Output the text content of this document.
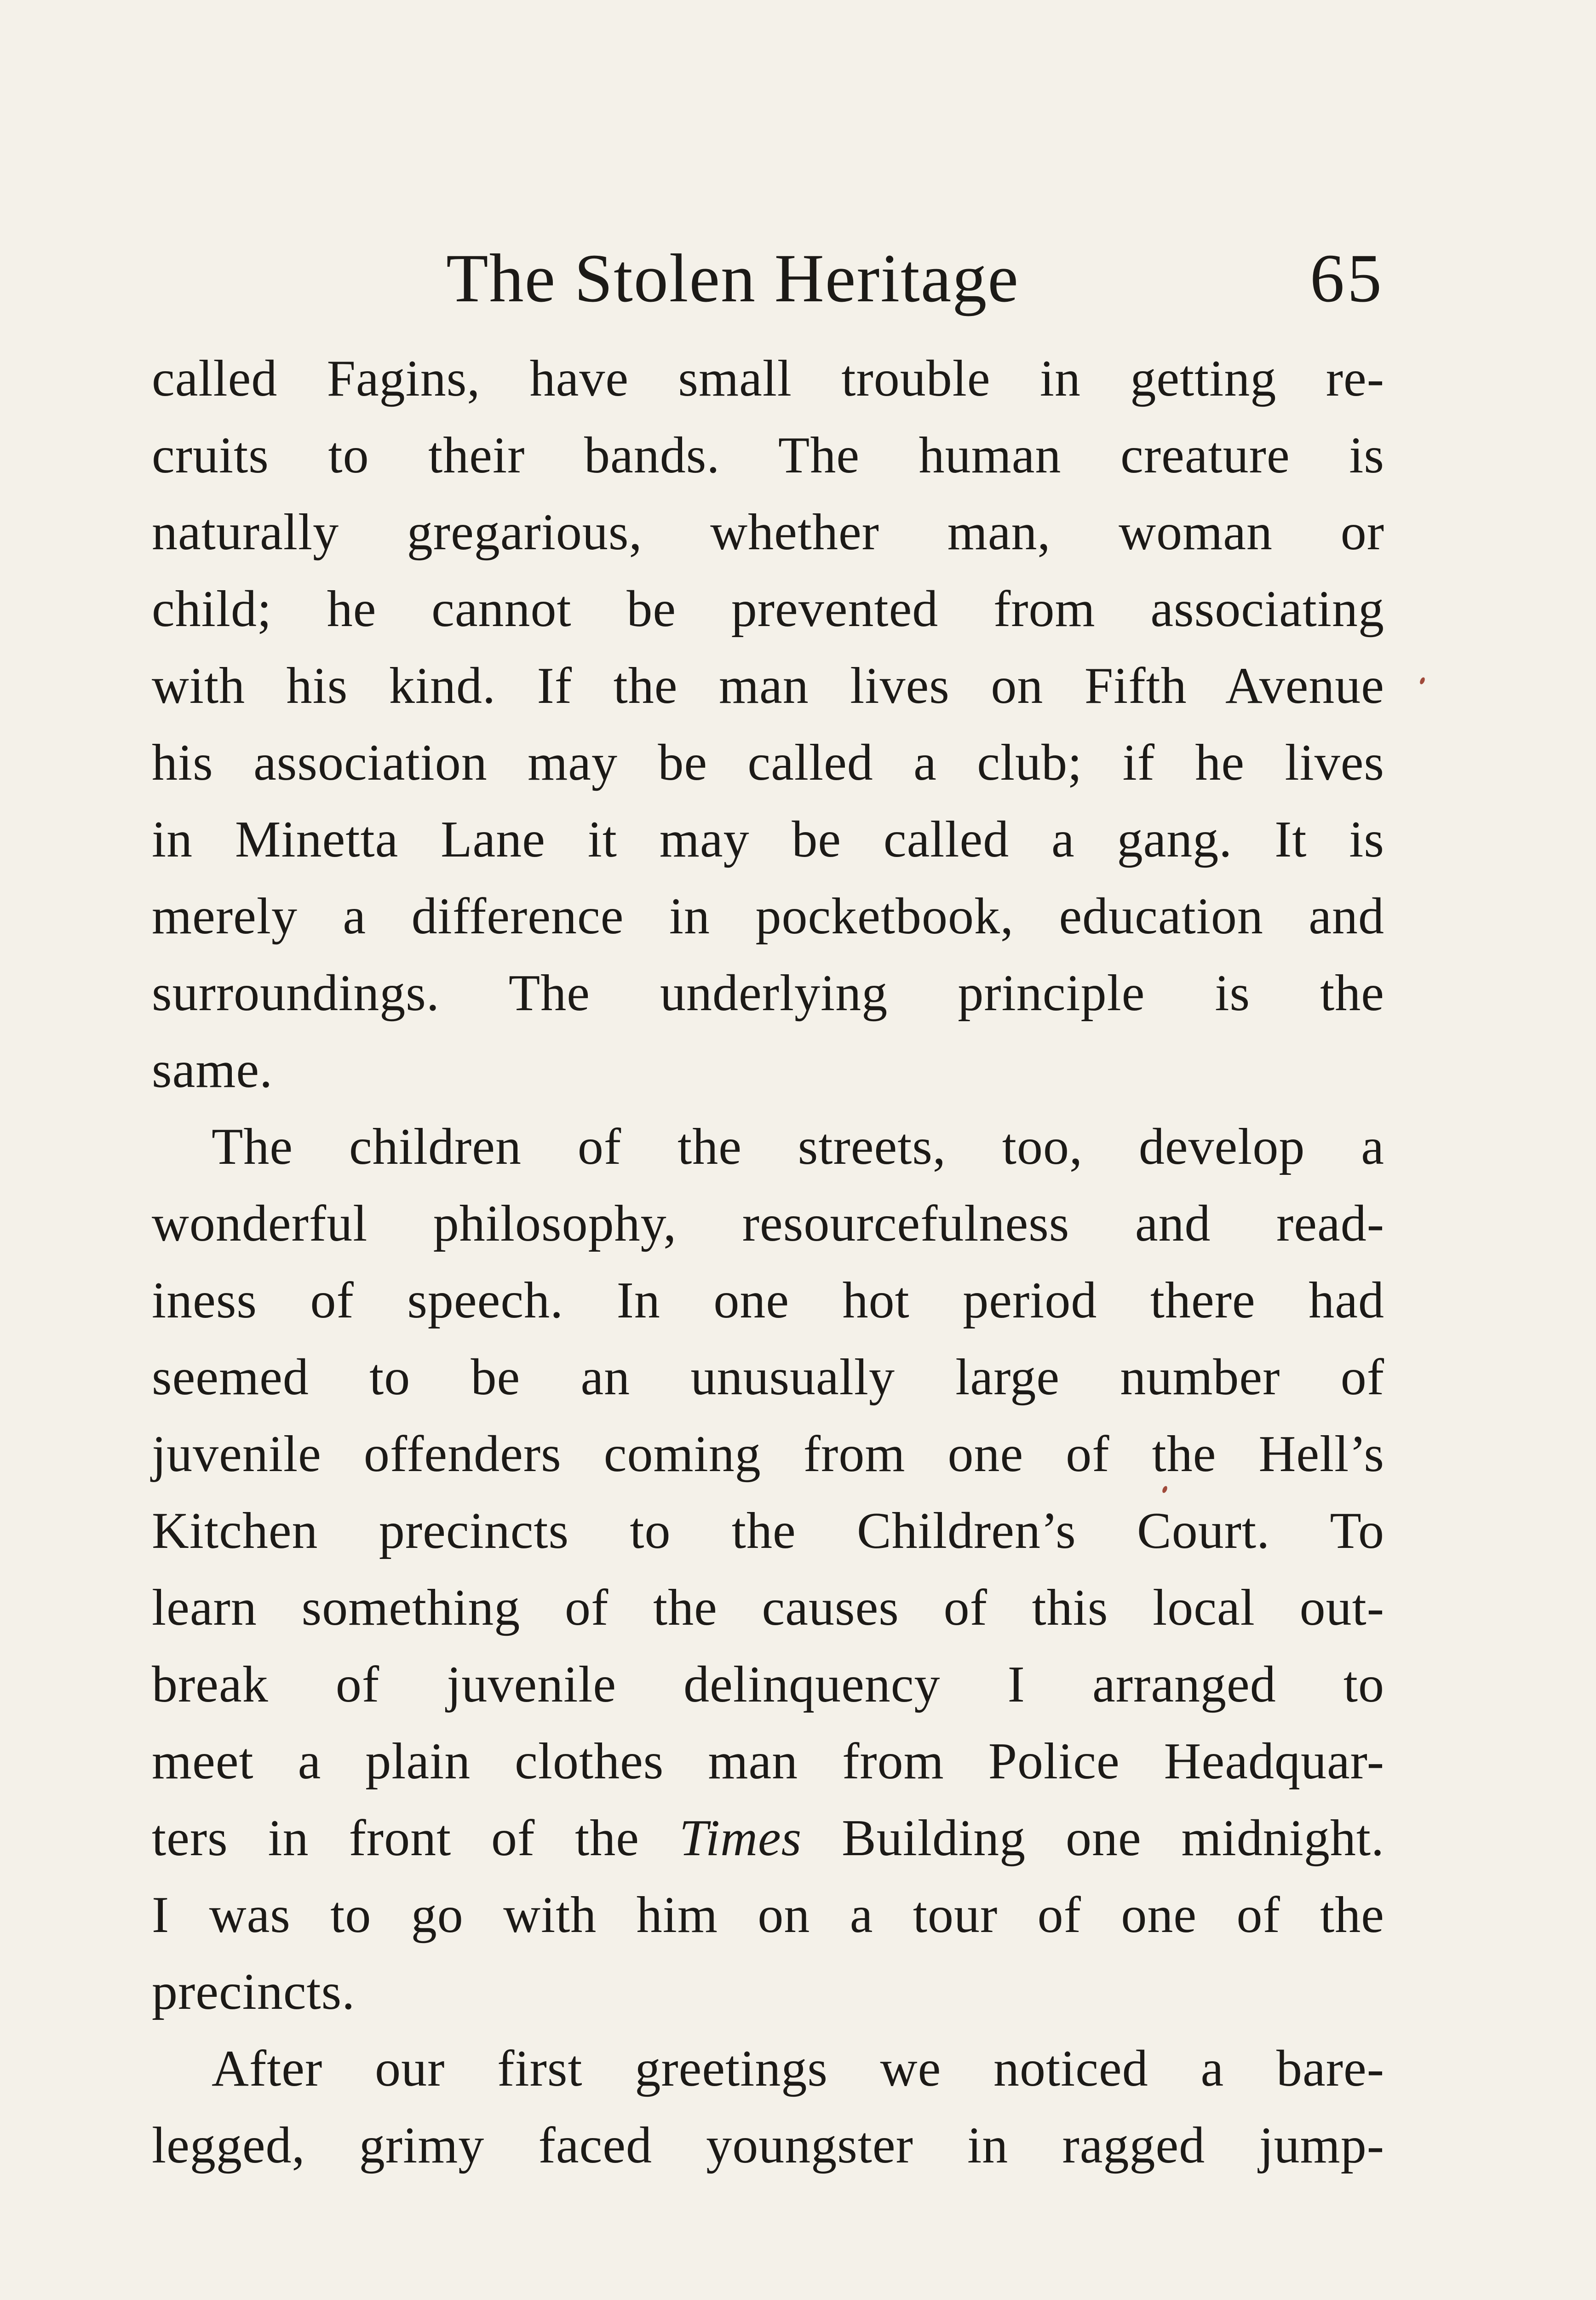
The Stolen Heritage	65
called Fagins, have small trouble in getting re-
cruits to their bands. The human creature is
naturally gregarious, whether man, woman or
child; he cannot be prevented from associating
with his kind. If the man lives on Fifth Avenue
his association may be called a club; if he lives
in Minetta Lane it may be called a gang. It is
merely a difference in pocketbook, education and
surroundings. The underlying principle is the
same.
The children of the streets, too, develop a
wonderful philosophy, resourcefulness and read-
iness of speech. In one hot period there had
seemed to be an unusually large number of
juvenile offenders coming from one of the Hell’s
Kitchen precincts to the Children’s Court. To
learn something of the causes of this local out-
break of juvenile delinquency I arranged to
meet a plain clothes man from Police Headquar-
ters in front of the Times Building one midnight.
I was to go with him on a tour of one of the
precincts.
After our first greetings we noticed a bare-
legged, grimy faced youngster in ragged jump-
